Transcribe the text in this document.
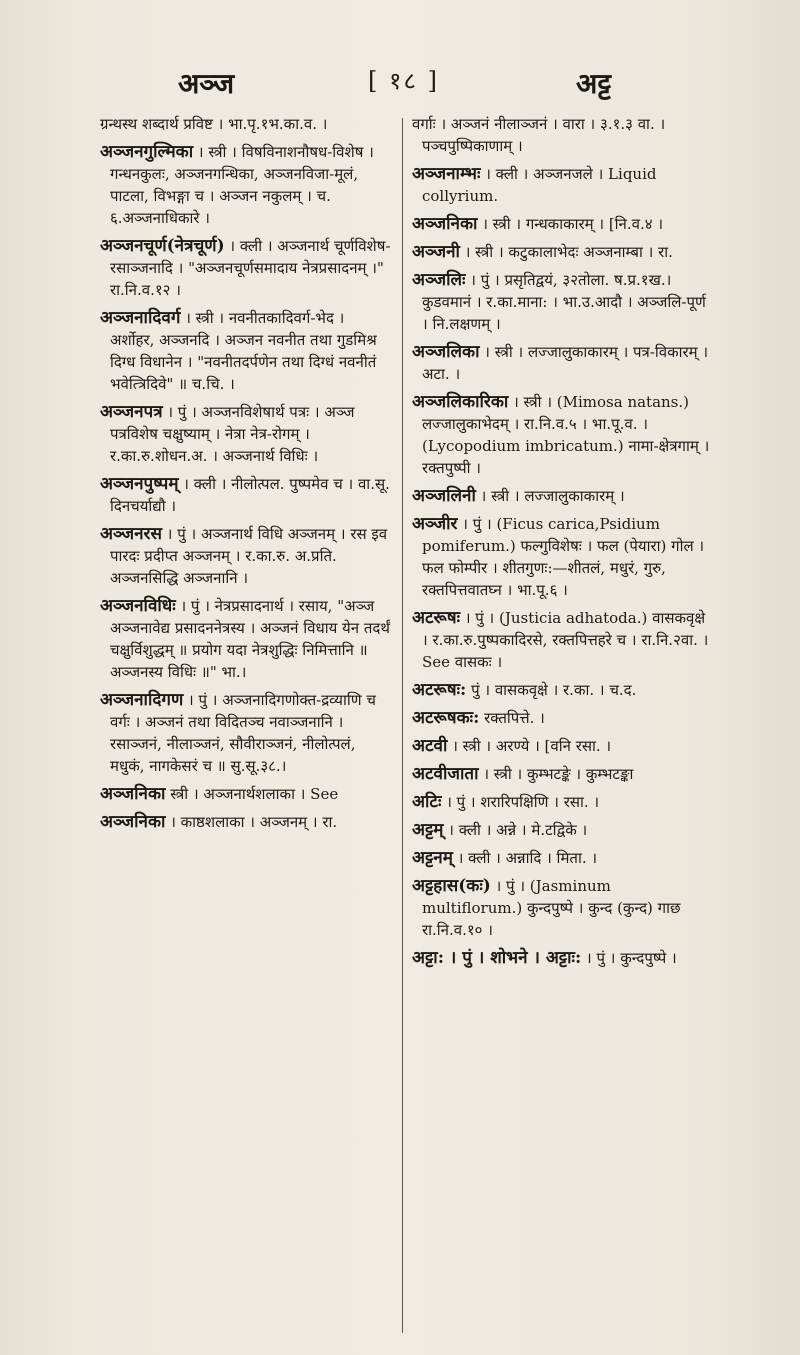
अञ्ज	[ १८ ]	अट्ट

ग्रन्थस्थ शब्दार्थ प्रविष्ट । भा.पृ.१भ.का.व. ।

अञ्जनगुल्मिका । स्त्री । विषविनाशनौषध-विशेष । गन्धनकुलः, अञ्जनगन्धिका, अञ्जनविजा-मूलं, पाटला, विभङ्गा च । अञ्जन नकुलम् । च. ६.अञ्जनाधिकारे ।

अञ्जनचूर्ण(नेत्रचूर्ण) । क्ली । अञ्जनार्थ चूर्णविशेष-रसाञ्जनादि । "अञ्जनचूर्णसमादाय नेत्रप्रसादनम् ।" रा.नि.व.१२ ।

अञ्जनादिवर्ग । स्त्री । नवनीतकादिवर्ग-भेद । अर्शोहर, अञ्जनदि । अञ्जन नवनीत तथा गुडमिश्र दिग्ध विधानेन । "नवनीतदर्पणेन तथा दिग्धं नवनीतं भवेत्त्रिदिवे" ॥ च.चि. ।

अञ्जनपत्र । पुं । अञ्जनविशेषार्थ पत्रः । अञ्ज पत्रविशेष चक्षुष्याम् । नेत्रा नेत्र-रोगम् । र.का.रु.शोधन.अ. । अञ्जनार्थ विधिः ।

अञ्जनपुष्पम् । क्ली । नीलोत्पल. पुष्पमेव च । वा.सू. दिनचर्याद्यौ ।

अञ्जनरस । पुं । अञ्जनार्थ विधि अञ्जनम् । रस इव पारदः प्रदीप्त अञ्जनम् । र.का.रु. अ.प्रति. अञ्जनसिद्धि अञ्जनानि ।

अञ्जनविधिः । पुं । नेत्रप्रसादनार्थ । रसाय, "अञ्ज अञ्जनावेद्य प्रसादननेत्रस्य । अञ्जनं विधाय येन तदर्थं चक्षुर्विशुद्धम् ॥ प्रयोग यदा नेत्रशुद्धिः निमित्तानि ॥ अञ्जनस्य विधिः ॥" भा.।

अञ्जनादिगण । पुं । अञ्जनादिगणोक्त-द्रव्याणि च वर्गः । अञ्जनं तथा विदितञ्च नवाञ्जनानि । रसाञ्जनं, नीलाञ्जनं, सौवीराञ्जनं, नीलोत्पलं, मधुकं, नागकेसरं च ॥ सु.सू.३८.।

अञ्जनिका स्त्री । अञ्जनार्थशलाका । See

अञ्जनिका । काष्ठशलाका । अञ्जनम् । रा.

वर्गाः । अञ्जनं नीलाञ्जनं । वारा । ३.१.३ वा. । पञ्चपुष्पिकाणाम् ।

अञ्जनाम्भः । क्ली । अञ्जनजले । Liquid collyrium.

अञ्जनिका । स्त्री । गन्धकाकारम् । [नि.व.४ ।

अञ्जनी । स्त्री । कटुकालाभेदः अञ्जनाम्बा । रा.

अञ्जलिः । पुं । प्रसृतिद्वयं, ३२तोला. ष.प्र.१ख.। कुडवमानं । र.का.माना: । भा.उ.आदौ । अञ्जलि-पूर्ण । नि.लक्षणम् ।

अञ्जलिका । स्त्री । लज्जालुकाकारम् । पत्र-विकारम् । अटा. ।

अञ्जलिकारिका । स्त्री । (Mimosa natans.) लज्जालुकाभेदम् । रा.नि.व.५ । भा.पू.व. । (Lycopodium imbricatum.) नामा-क्षेत्रगाम् । रक्तपुष्पी ।

अञ्जलिनी । स्त्री । लज्जालुकाकारम् ।

अञ्जीर । पुं । (Ficus carica,Psidium pomiferum.) फल्गुविशेषः । फल (पेयारा) गोल । फल फोम्पीर । शीतगुणः:—शीतलं, मधुरं, गुरु, रक्तपित्तवातघ्न । भा.पू.६ ।

अटरूषः । पुं । (Justicia adhatoda.) वासकवृक्षे । र.का.रु.पुष्पकादिरसे, रक्तपित्तहरे च । रा.नि.२वा. । See वासकः ।

अटरूषः: पुं । वासकवृक्षे । र.का. । च.द.

अटरूषकः: रक्तपित्ते. ।

अटवी । स्त्री । अरण्ये । [वनि रसा. ।

अटवीजाता । स्त्री । कुम्भटङ्के । कुम्भटङ्का

अटिः । पुं । शरारिपक्षिणि । रसा. ।

अट्टम् । क्ली । अन्ने । मे.टद्विके ।

अट्टनम् । क्ली । अन्नादि । मिता. ।

अट्टहास(कः) । पुं । (Jasminum multiflorum.) कुन्दपुष्पे । कुन्द (कुन्द) गाछ रा.नि.व.१० ।

अट्टा: । पुं । शोभने । अट्टाः: । पुं । कुन्दपुष्पे ।
